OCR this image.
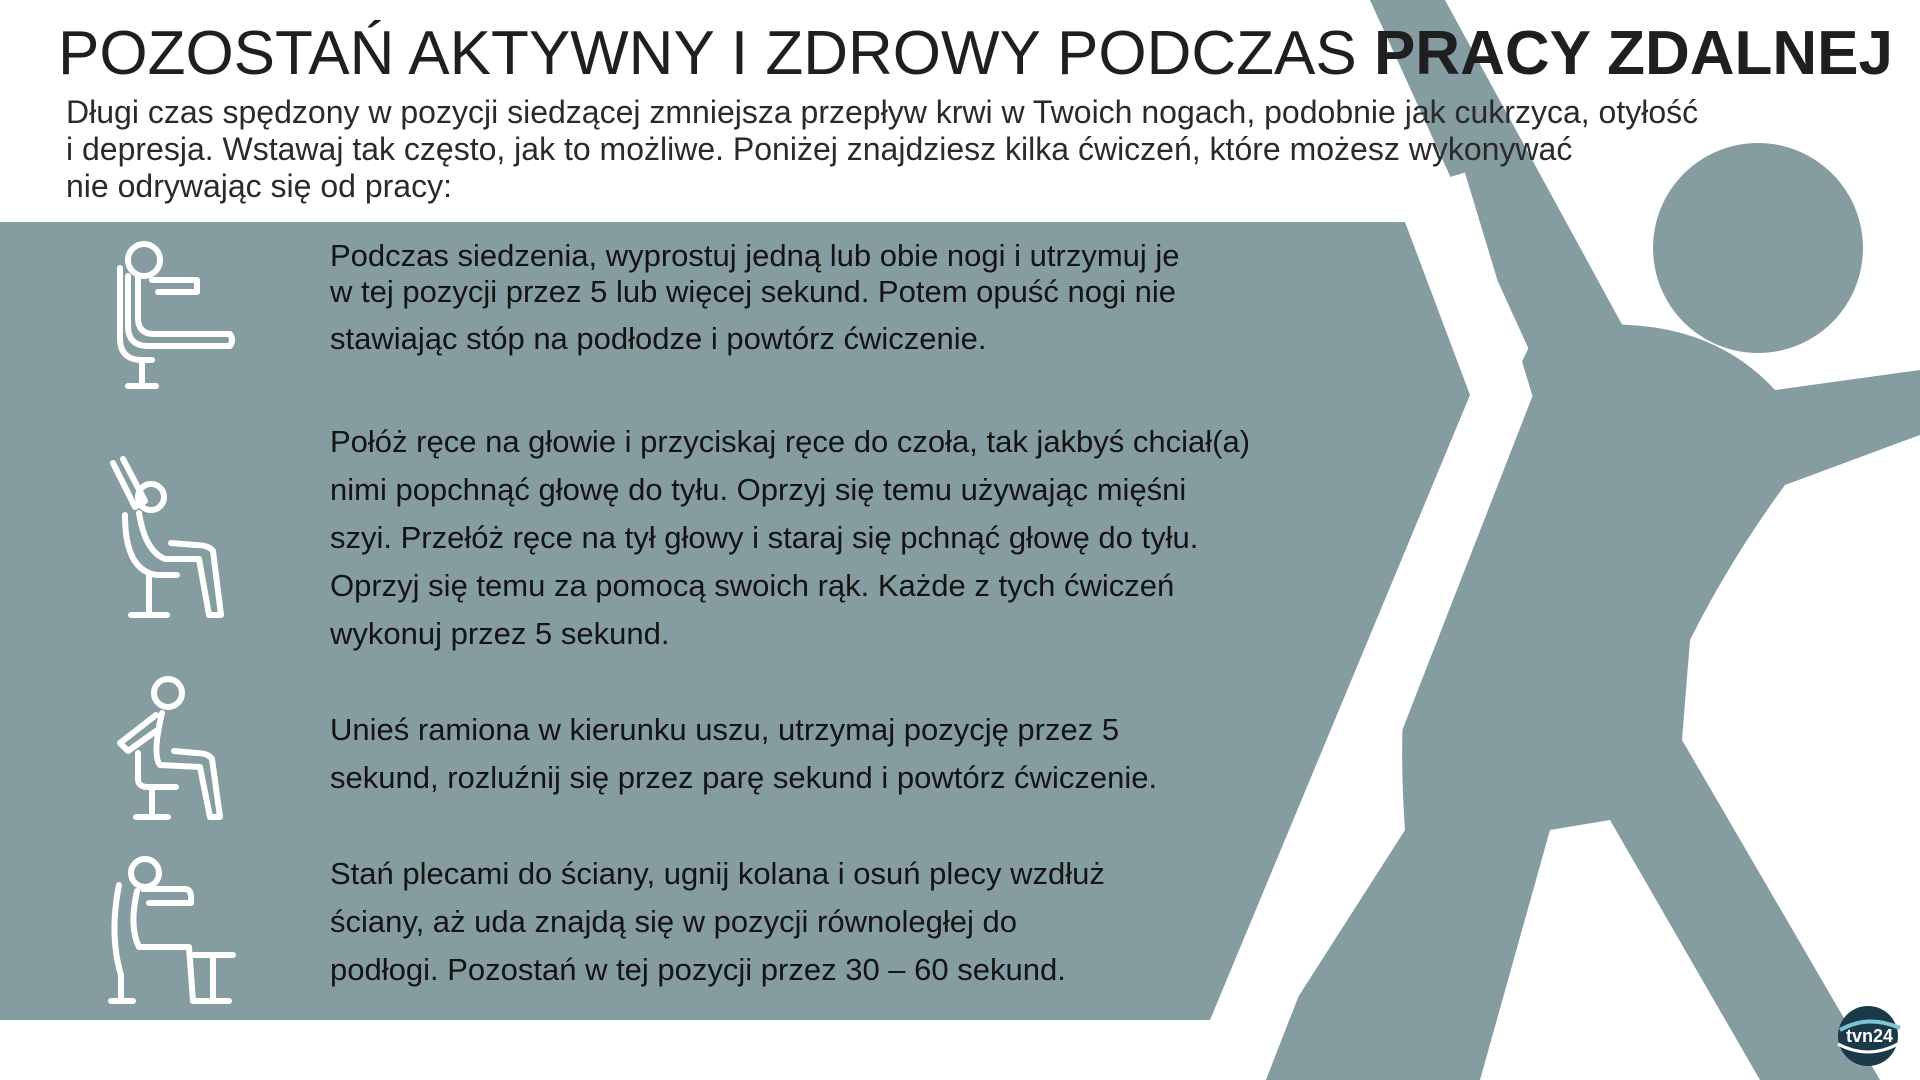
POZOSTAŃ AKTYWNY I ZDROWY PODCZAS PRACY ZDALNEJ
Długi czas spędzony w pozycji siedzącej zmniejsza przepływ krwi w Twoich nogach, podobnie jak cukrzyca, otyłość
i depresja. Wstawaj tak często, jak to możliwe. Poniżej znajdziesz kilka ćwiczeń, które możesz wykonywać
nie odrywając się od pracy:
Podczas siedzenia, wyprostuj jedną lub obie nogi i utrzymuj je
w tej pozycji przez 5 lub więcej sekund. Potem opuść nogi nie
stawiając stóp na podłodze i powtórz ćwiczenie.
Połóż ręce na głowie i przyciskaj ręce do czoła, tak jakbyś chciał(a)
nimi popchnąć głowę do tyłu. Oprzyj się temu używając mięśni
szyi. Przełóż ręce na tył głowy i staraj się pchnąć głowę do tyłu.
Oprzyj się temu za pomocą swoich rąk. Każde z tych ćwiczeń
wykonuj przez 5 sekund.
Unieś ramiona w kierunku uszu, utrzymaj pozycję przez 5
sekund, rozluźnij się przez parę sekund i powtórz ćwiczenie.
Stań plecami do ściany, ugnij kolana i osuń plecy wzdłuż
ściany, aż uda znajdą się w pozycji równoległej do
podłogi. Pozostań w tej pozycji przez 30 – 60 sekund.
tvn24
